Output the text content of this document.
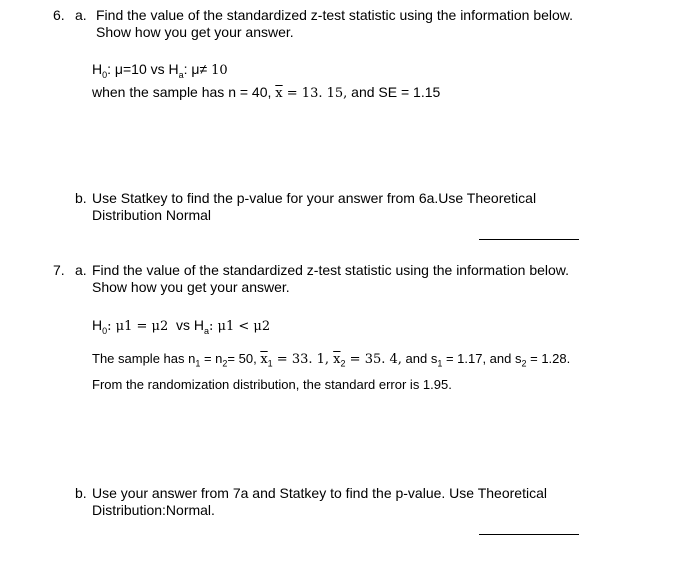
6. a. Find the value of the standardized z-test statistic using the information below.
Show how you get your answer.
$H_0$: μ=10 vs $H_a$: μ≠ 10
when the sample has n = 40, $\overline{x} = 13$. 15, and SE = 1.15
b. Use Statkey to find the p-value for your answer from 6a.Use Theoretical
Distribution Normal
7. a. Find the value of the standardized z-test statistic using the information below.
Show how you get your answer.
$H_0$: μ1 = μ2  vs $H_a$: μ1 < μ2
The sample has $n_1 = n_2= 50$, $\overline{x}_1 = 33$. 1, $\overline{x}_2 = 35$. 4, and $s_1 = 1.17$, and $s_2 = 1.28$.
From the randomization distribution, the standard error is 1.95.
b. Use your answer from 7a and Statkey to find the p-value. Use Theoretical
Distribution:Normal.
